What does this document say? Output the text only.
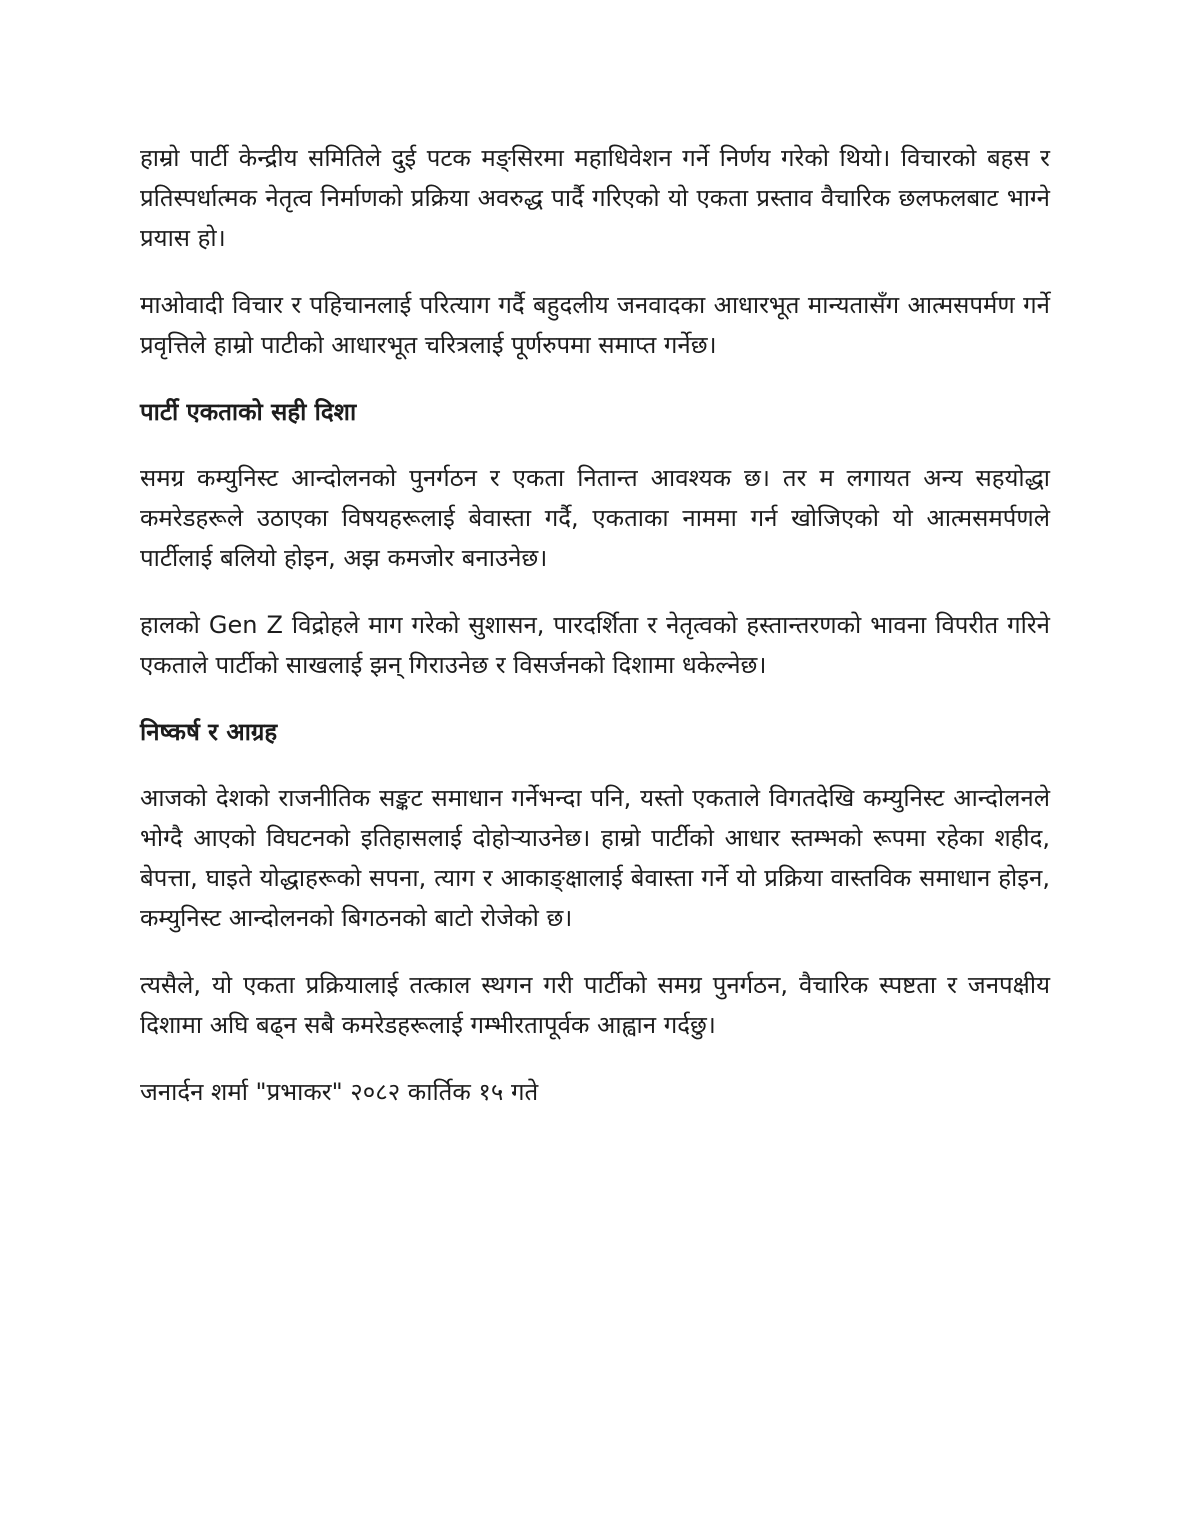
हाम्रो पार्टी केन्द्रीय समितिले दुई पटक मङ्सिरमा महाधिवेशन गर्ने निर्णय गरेको थियो। विचारको बहस र प्रतिस्पर्धात्मक नेतृत्व निर्माणको प्रक्रिया अवरुद्ध पार्दै गरिएको यो एकता प्रस्ताव वैचारिक छलफलबाट भाग्ने प्रयास हो।

माओवादी विचार र पहिचानलाई परित्याग गर्दै बहुदलीय जनवादका आधारभूत मान्यतासँग आत्मसपर्मण गर्ने प्रवृत्तिले हाम्रो पाटीको आधारभूत चरित्रलाई पूर्णरुपमा समाप्त गर्नेछ।

पार्टी एकताको सही दिशा

समग्र कम्युनिस्ट आन्दोलनको पुनर्गठन र एकता नितान्त आवश्यक छ। तर म लगायत अन्य सहयोद्धा कमरेडहरूले उठाएका विषयहरूलाई बेवास्ता गर्दै, एकताका नाममा गर्न खोजिएको यो आत्मसमर्पणले पार्टीलाई बलियो होइन, अझ कमजोर बनाउनेछ।

हालको Gen Z विद्रोहले माग गरेको सुशासन, पारदर्शिता र नेतृत्वको हस्तान्तरणको भावना विपरीत गरिने एकताले पार्टीको साखलाई झन् गिराउनेछ र विसर्जनको दिशामा धकेल्नेछ।

निष्कर्ष र आग्रह

आजको देशको राजनीतिक सङ्कट समाधान गर्नेभन्दा पनि, यस्तो एकताले विगतदेखि कम्युनिस्ट आन्दोलनले भोग्दै आएको विघटनको इतिहासलाई दोहोऱ्याउनेछ। हाम्रो पार्टीको आधार स्तम्भको रूपमा रहेका शहीद, बेपत्ता, घाइते योद्धाहरूको सपना, त्याग र आकाङ्क्षालाई बेवास्ता गर्ने यो प्रक्रिया वास्तविक समाधान होइन, कम्युनिस्ट आन्दोलनको बिगठनको बाटो रोजेको छ।

त्यसैले, यो एकता प्रक्रियालाई तत्काल स्थगन गरी पार्टीको समग्र पुनर्गठन, वैचारिक स्पष्टता र जनपक्षीय दिशामा अघि बढ्न सबै कमरेडहरूलाई गम्भीरतापूर्वक आह्वान गर्दछु।

जनार्दन शर्मा "प्रभाकर" २०८२ कार्तिक १५ गते
